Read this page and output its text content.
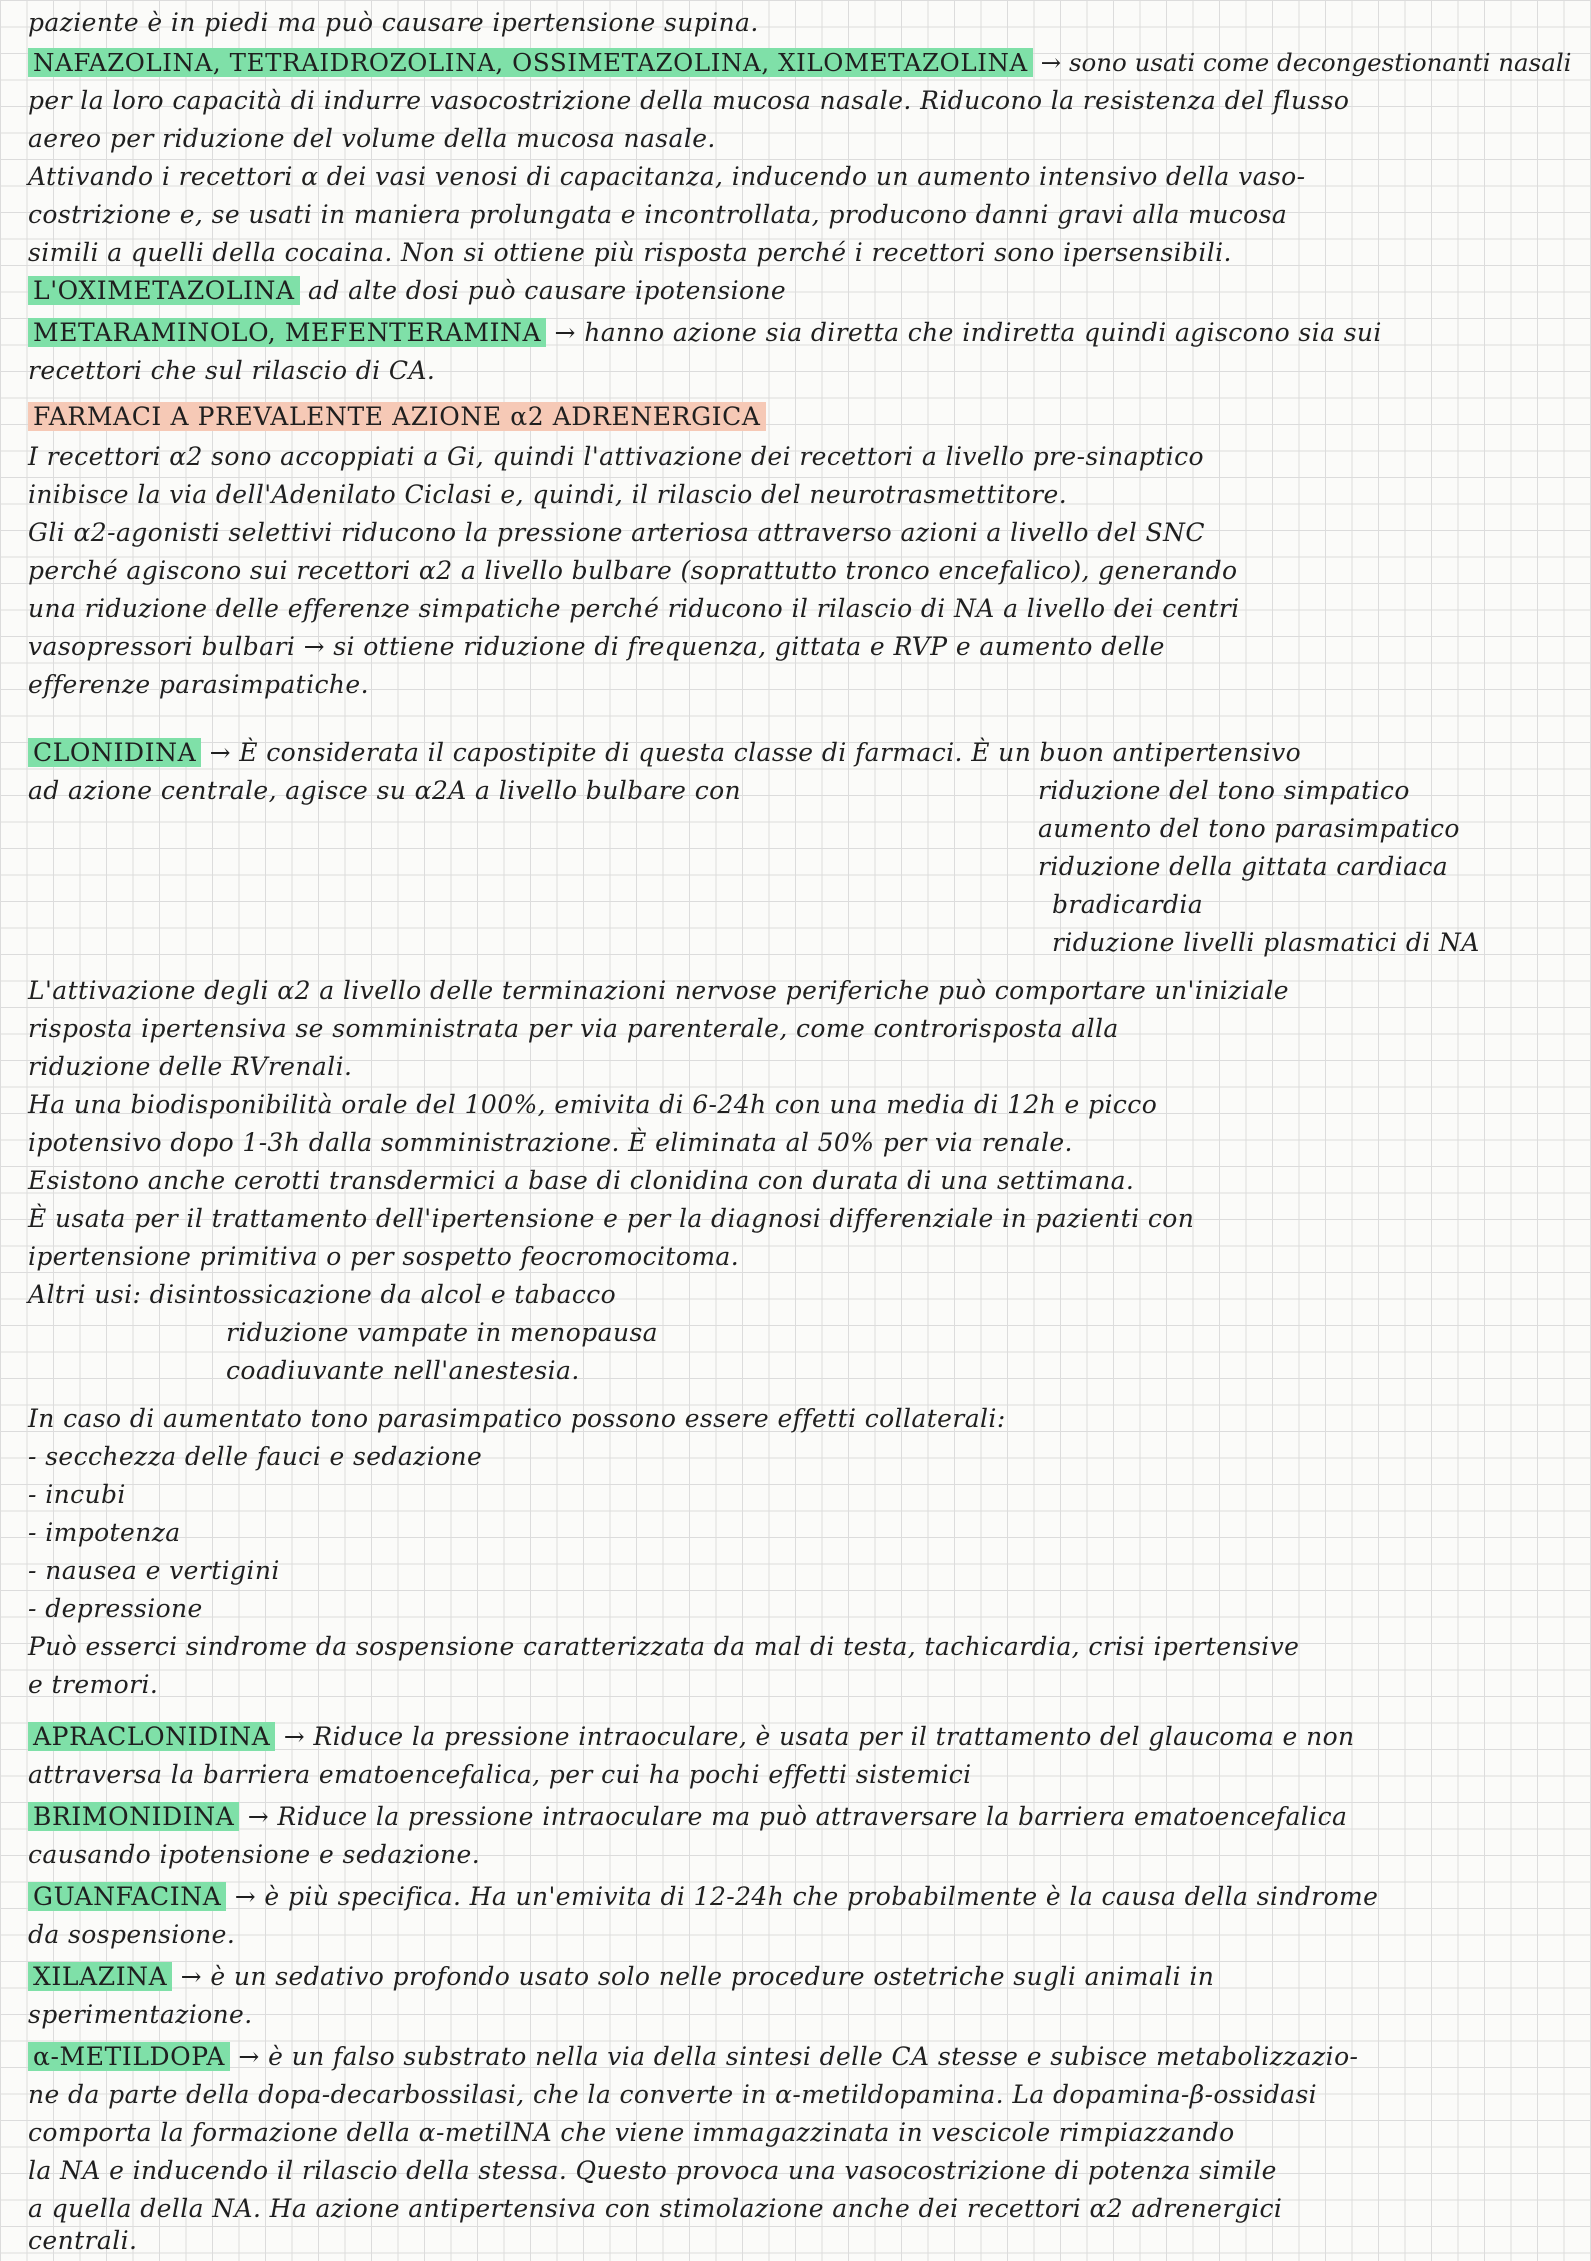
paziente è in piedi ma può causare ipertensione supina.
NAFAZOLINA, TETRAIDROZOLINA, OSSIMETAZOLINA, XILOMETAZOLINA → sono usati come decongestionanti nasali
per la loro capacità di indurre vasocostrizione della mucosa nasale. Riducono la resistenza del flusso
aereo per riduzione del volume della mucosa nasale.
Attivando i recettori α dei vasi venosi di capacitanza, inducendo un aumento intensivo della vaso-
costrizione e, se usati in maniera prolungata e incontrollata, producono danni gravi alla mucosa
simili a quelli della cocaina. Non si ottiene più risposta perché i recettori sono ipersensibili.
L'OXIMETAZOLINA ad alte dosi può causare ipotensione
METARAMINOLO, MEFENTERAMINA → hanno azione sia diretta che indiretta quindi agiscono sia sui
recettori che sul rilascio di CA.
FARMACI A PREVALENTE AZIONE α2 ADRENERGICA
I recettori α2 sono accoppiati a Gi, quindi l'attivazione dei recettori a livello pre-sinaptico
inibisce la via dell'Adenilato Ciclasi e, quindi, il rilascio del neurotrasmettitore.
Gli α2-agonisti selettivi riducono la pressione arteriosa attraverso azioni a livello del SNC
perché agiscono sui recettori α2 a livello bulbare (soprattutto tronco encefalico), generando
una riduzione delle efferenze simpatiche perché riducono il rilascio di NA a livello dei centri
vasopressori bulbari → si ottiene riduzione di frequenza, gittata e RVP e aumento delle
efferenze parasimpatiche.
CLONIDINA → È considerata il capostipite di questa classe di farmaci. È un buon antipertensivo
ad azione centrale, agisce su α2A a livello bulbare con	riduzione del tono simpatico
aumento del tono parasimpatico
riduzione della gittata cardiaca
bradicardia
riduzione livelli plasmatici di NA
L'attivazione degli α2 a livello delle terminazioni nervose periferiche può comportare un'iniziale
risposta ipertensiva se somministrata per via parenterale, come controrisposta alla
riduzione delle RVrenali.
Ha una biodisponibilità orale del 100%, emivita di 6-24h con una media di 12h e picco
ipotensivo dopo 1-3h dalla somministrazione. È eliminata al 50% per via renale.
Esistono anche cerotti transdermici a base di clonidina con durata di una settimana.
È usata per il trattamento dell'ipertensione e per la diagnosi differenziale in pazienti con
ipertensione primitiva o per sospetto feocromocitoma.
Altri usi: disintossicazione da alcol e tabacco
riduzione vampate in menopausa
coadiuvante nell'anestesia.
In caso di aumentato tono parasimpatico possono essere effetti collaterali:
- secchezza delle fauci e sedazione
- incubi
- impotenza
- nausea e vertigini
- depressione
Può esserci sindrome da sospensione caratterizzata da mal di testa, tachicardia, crisi ipertensive
e tremori.
APRACLONIDINA → Riduce la pressione intraoculare, è usata per il trattamento del glaucoma e non
attraversa la barriera ematoencefalica, per cui ha pochi effetti sistemici
BRIMONIDINA → Riduce la pressione intraoculare ma può attraversare la barriera ematoencefalica
causando ipotensione e sedazione.
GUANFACINA → è più specifica. Ha un'emivita di 12-24h che probabilmente è la causa della sindrome
da sospensione.
XILAZINA → è un sedativo profondo usato solo nelle procedure ostetriche sugli animali in
sperimentazione.
α-METILDOPA → è un falso substrato nella via della sintesi delle CA stesse e subisce metabolizzazio-
ne da parte della dopa-decarbossilasi, che la converte in α-metildopamina. La dopamina-β-ossidasi
comporta la formazione della α-metilNA che viene immagazzinata in vescicole rimpiazzando
la NA e inducendo il rilascio della stessa. Questo provoca una vasocostrizione di potenza simile
a quella della NA. Ha azione antipertensiva con stimolazione anche dei recettori α2 adrenergici
centrali.
